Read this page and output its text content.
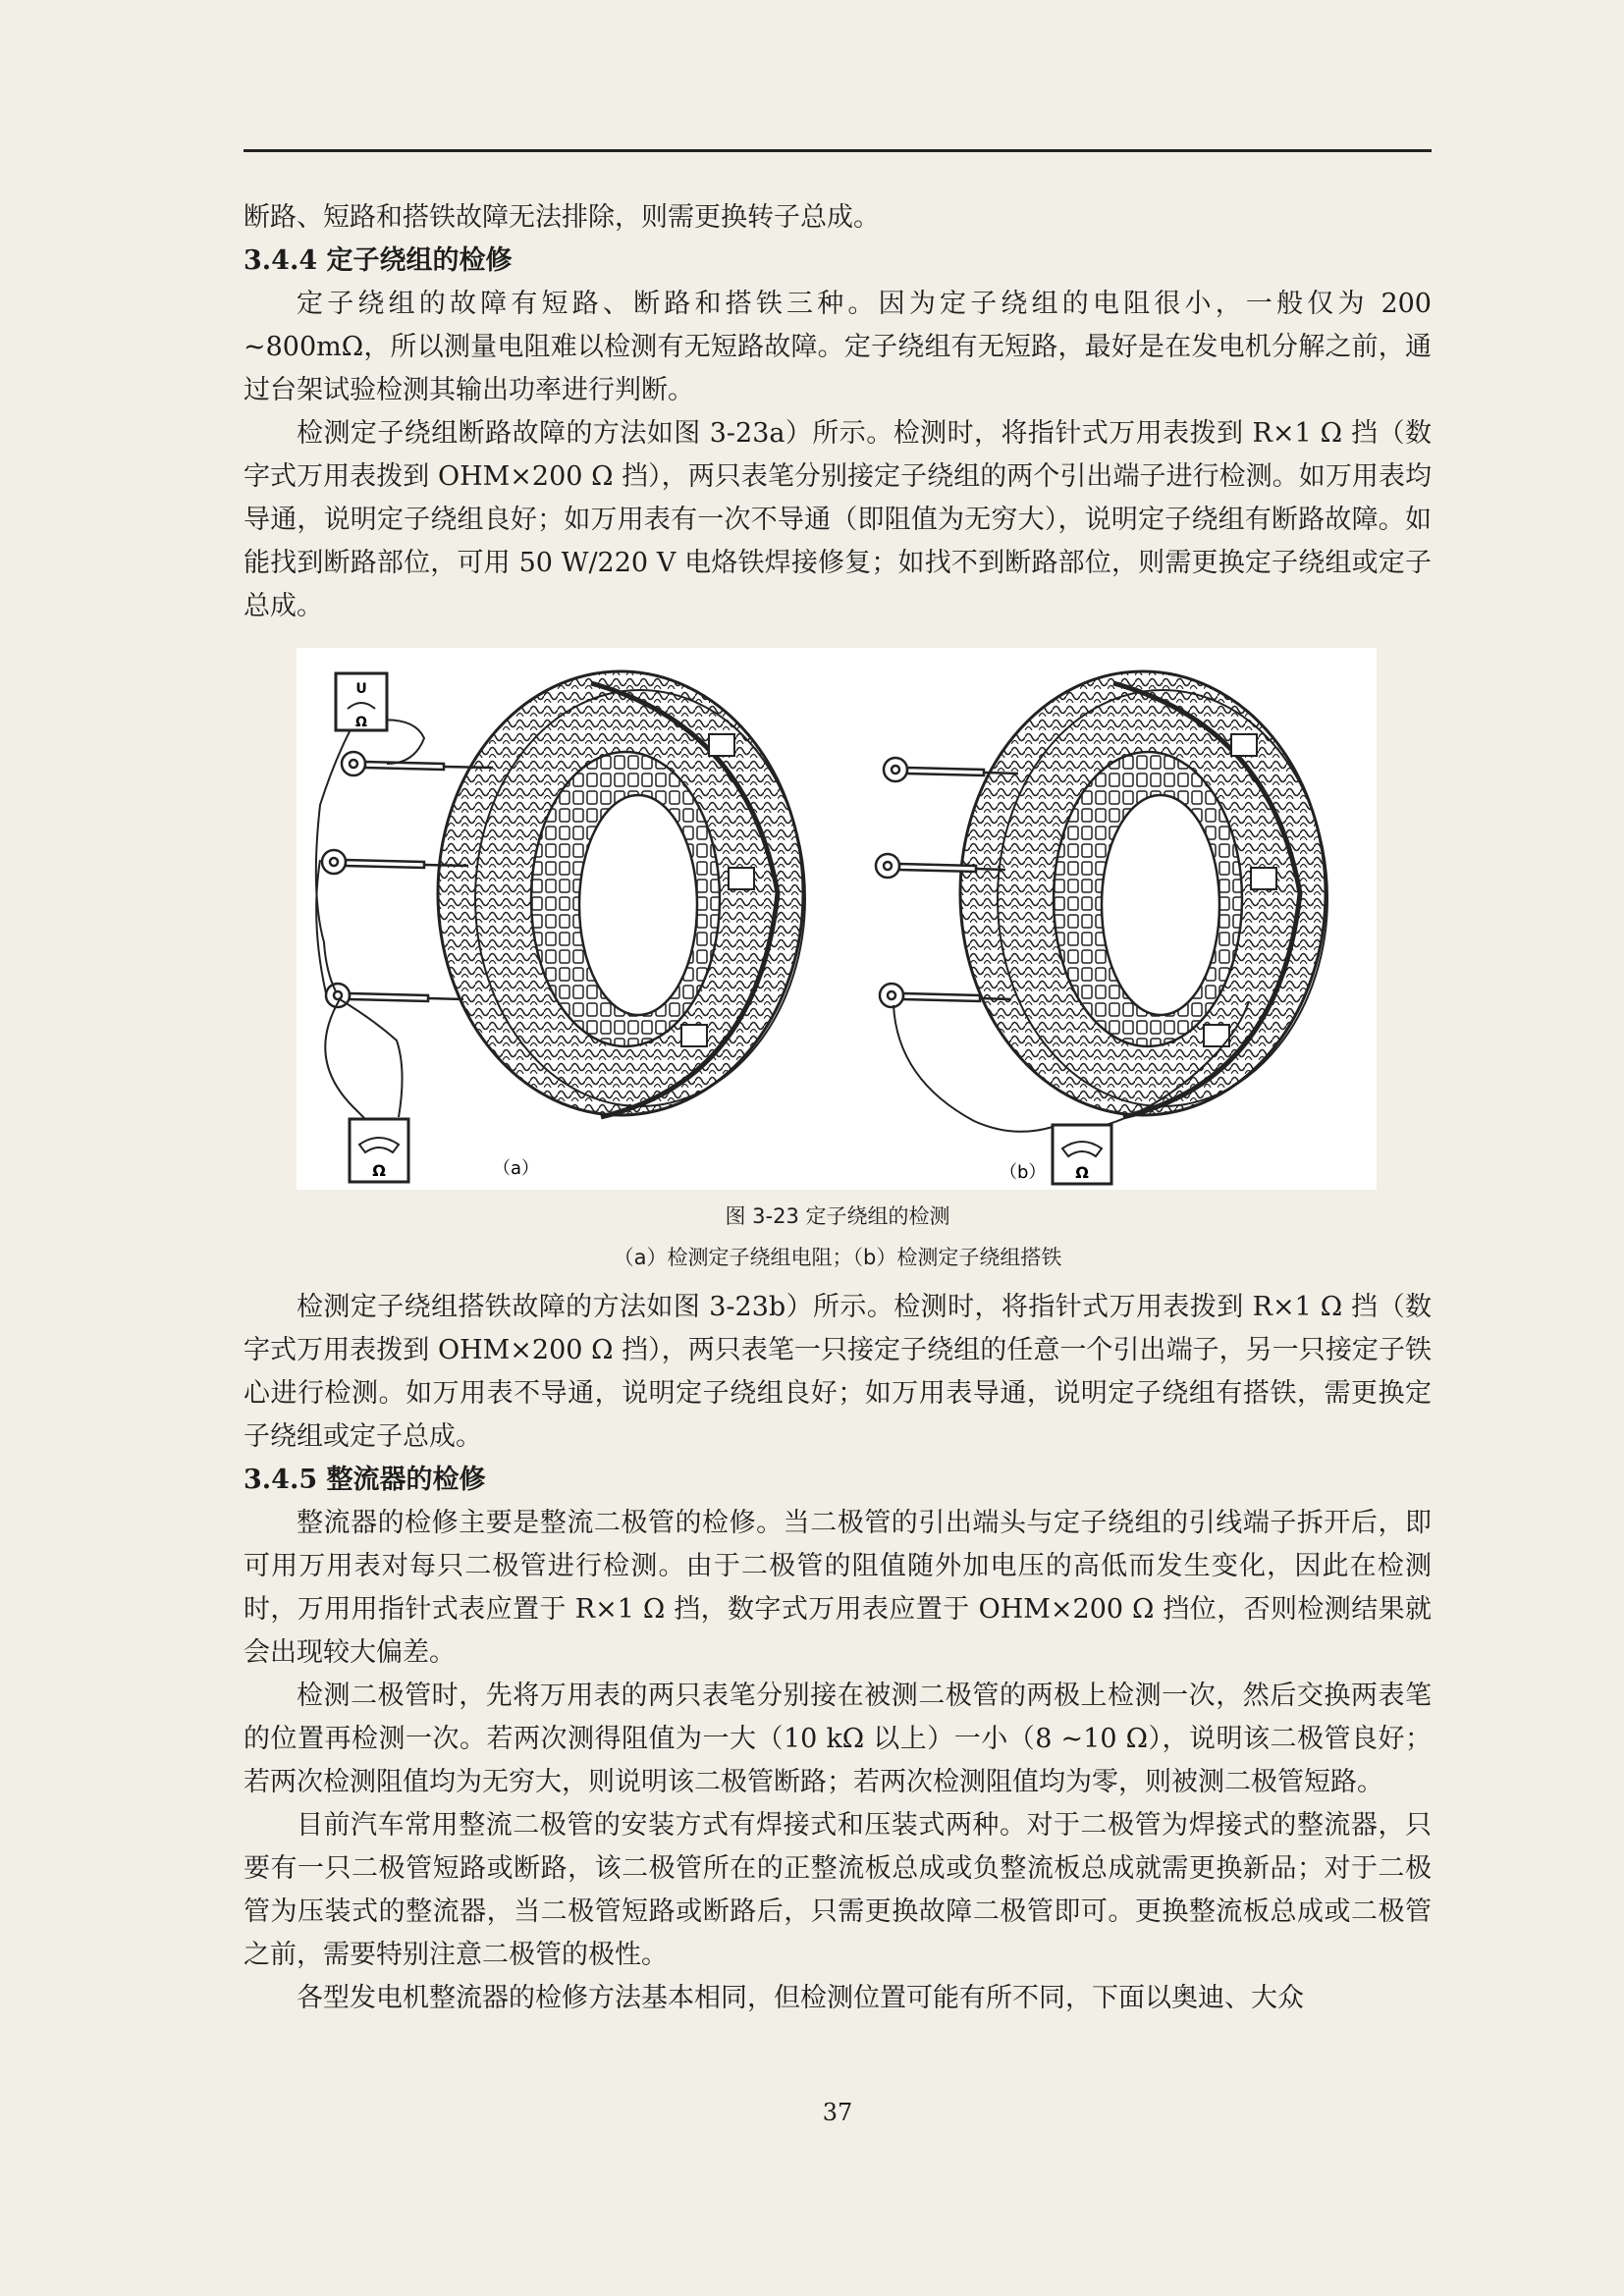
断路、短路和搭铁故障无法排除，则需更换转子总成。

3.4.4 定子绕组的检修

定子绕组的故障有短路、断路和搭铁三种。因为定子绕组的电阻很小，一般仅为 200 ~800mΩ，所以测量电阻难以检测有无短路故障。定子绕组有无短路，最好是在发电机分解之前，通过台架试验检测其输出功率进行判断。

检测定子绕组断路故障的方法如图 3-23a）所示。检测时，将指针式万用表拨到 R×1 Ω 挡（数字式万用表拨到 OHM×200 Ω 挡），两只表笔分别接定子绕组的两个引出端子进行检测。如万用表均导通，说明定子绕组良好；如万用表有一次不导通（即阻值为无穷大），说明定子绕组有断路故障。如能找到断路部位，可用 50 W/220 V 电烙铁焊接修复；如找不到断路部位，则需更换定子绕组或定子总成。

U
Ω
Ω	（a）	Ω
（b）
图 3-23 定子绕组的检测
（a）检测定子绕组电阻；（b）检测定子绕组搭铁

检测定子绕组搭铁故障的方法如图 3-23b）所示。检测时，将指针式万用表拨到 R×1 Ω 挡（数字式万用表拨到 OHM×200 Ω 挡），两只表笔一只接定子绕组的任意一个引出端子，另一只接定子铁心进行检测。如万用表不导通，说明定子绕组良好；如万用表导通，说明定子绕组有搭铁，需更换定子绕组或定子总成。

3.4.5 整流器的检修

整流器的检修主要是整流二极管的检修。当二极管的引出端头与定子绕组的引线端子拆开后，即可用万用表对每只二极管进行检测。由于二极管的阻值随外加电压的高低而发生变化，因此在检测时，万用用指针式表应置于 R×1 Ω 挡，数字式万用表应置于 OHM×200 Ω 挡位，否则检测结果就会出现较大偏差。

检测二极管时，先将万用表的两只表笔分别接在被测二极管的两极上检测一次，然后交换两表笔的位置再检测一次。若两次测得阻值为一大（10 kΩ 以上）一小（8 ~10 Ω），说明该二极管良好；若两次检测阻值均为无穷大，则说明该二极管断路；若两次检测阻值均为零，则被测二极管短路。

目前汽车常用整流二极管的安装方式有焊接式和压装式两种。对于二极管为焊接式的整流器，只要有一只二极管短路或断路，该二极管所在的正整流板总成或负整流板总成就需更换新品；对于二极管为压装式的整流器，当二极管短路或断路后，只需更换故障二极管即可。更换整流板总成或二极管之前，需要特别注意二极管的极性。

各型发电机整流器的检修方法基本相同，但检测位置可能有所不同，下面以奥迪、大众

37
